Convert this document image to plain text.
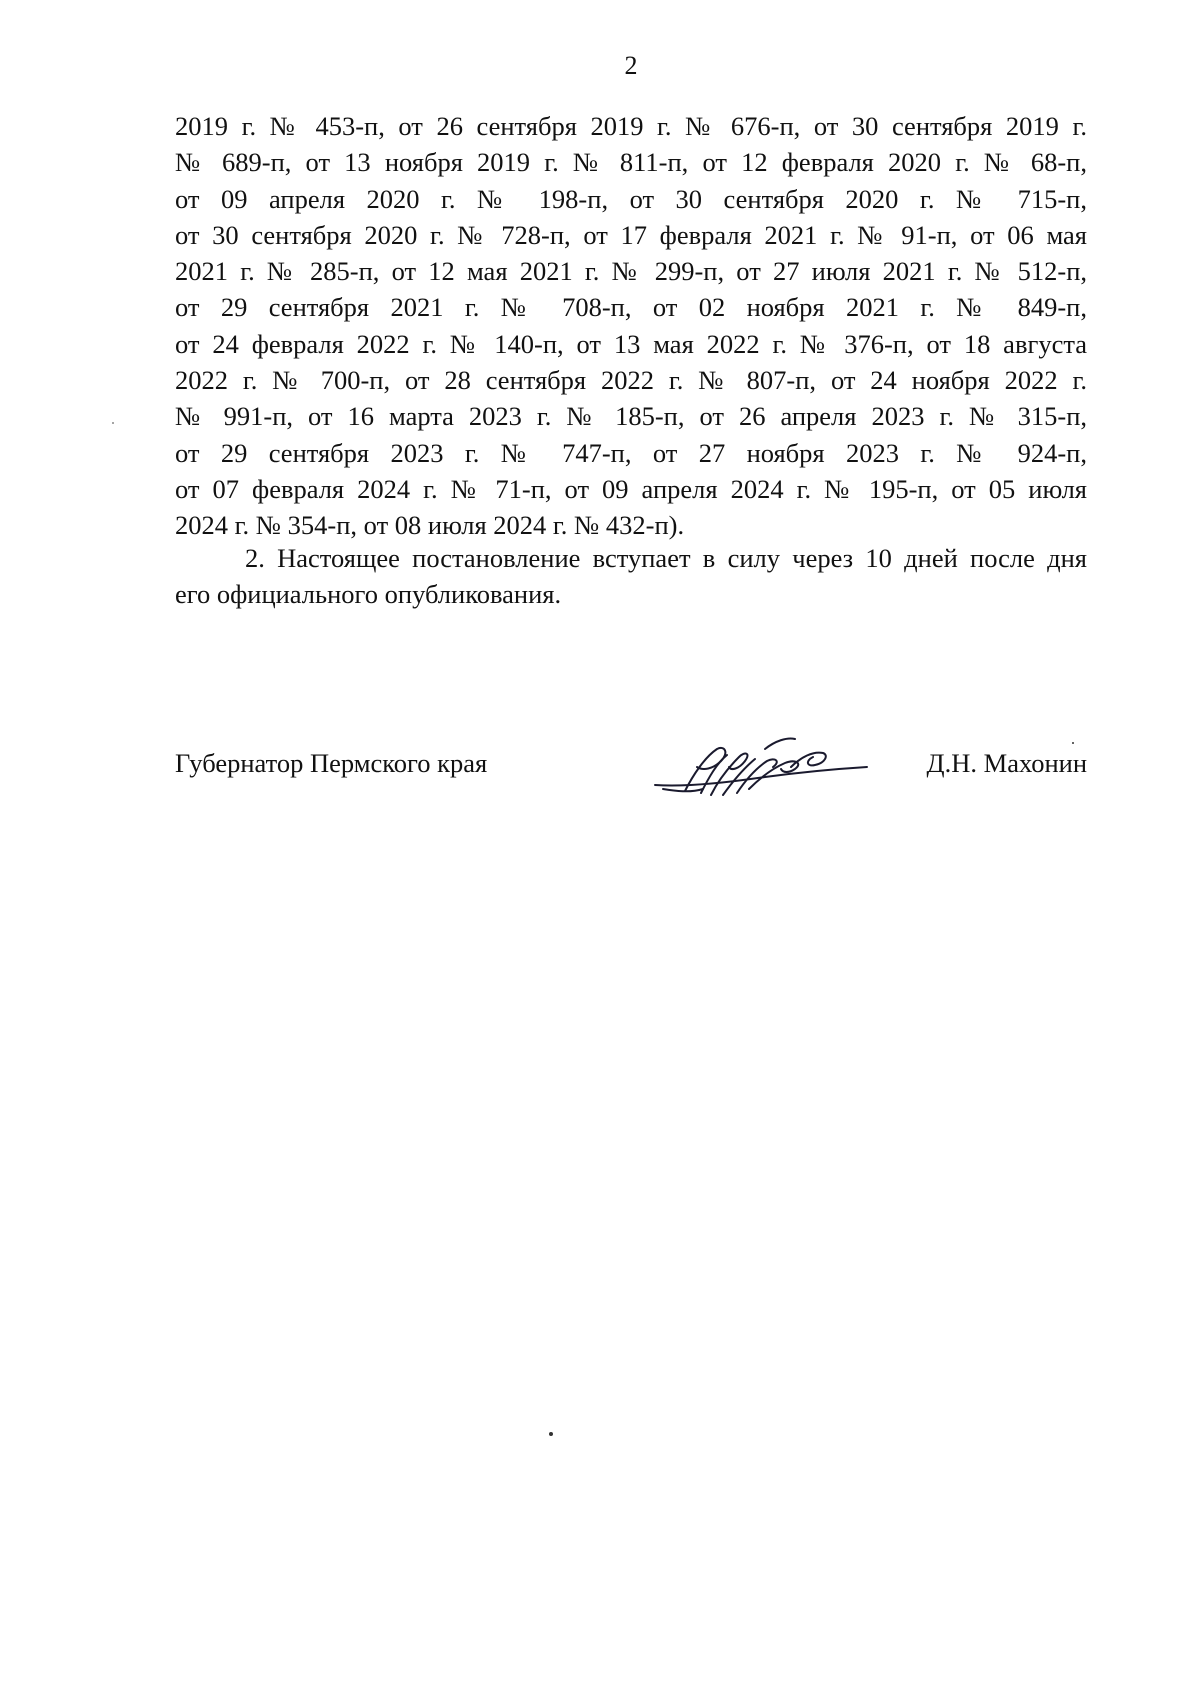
2
2019 г. № 453-п, от 26 сентября 2019 г. № 676-п, от 30 сентября 2019 г.
№ 689-п, от 13 ноября 2019 г. № 811-п, от 12 февраля 2020 г. № 68-п,
от 09 апреля 2020 г. № 198-п, от 30 сентября 2020 г. № 715-п,
от 30 сентября 2020 г. № 728-п, от 17 февраля 2021 г. № 91-п, от 06 мая
2021 г. № 285-п, от 12 мая 2021 г. № 299-п, от 27 июля 2021 г. № 512-п,
от 29 сентября 2021 г. № 708-п, от 02 ноября 2021 г. № 849-п,
от 24 февраля 2022 г. № 140-п, от 13 мая 2022 г. № 376-п, от 18 августа
2022 г. № 700-п, от 28 сентября 2022 г. № 807-п, от 24 ноября 2022 г.
№ 991-п, от 16 марта 2023 г. № 185-п, от 26 апреля 2023 г. № 315-п,
от 29 сентября 2023 г. № 747-п, от 27 ноября 2023 г. № 924-п,
от 07 февраля 2024 г. № 71-п, от 09 апреля 2024 г. № 195-п, от 05 июля
2024 г. № 354-п, от 08 июля 2024 г. № 432-п).
2. Настоящее постановление вступает в силу через 10 дней после дня
его официального опубликования.
Губернатор Пермского края	Д.Н. Махонин
